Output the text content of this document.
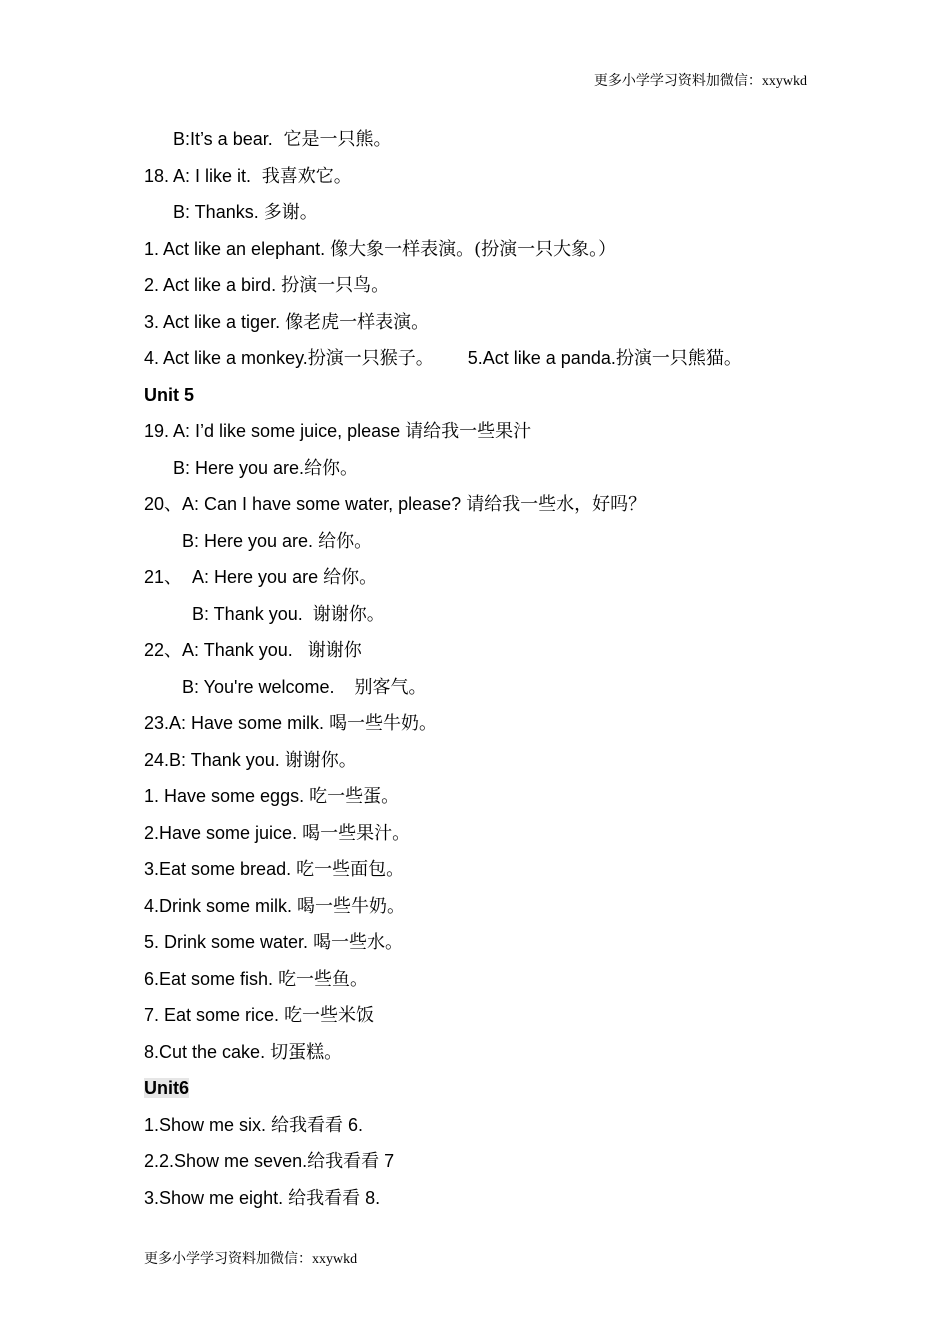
更多小学学习资料加微信：xxywkd
B:It’s a bear.  它是一只熊。
18. A: I like it.  我喜欢它。
B: Thanks. 多谢。
1. Act like an elephant. 像大象一样表演。(扮演一只大象。）
2. Act like a bird. 扮演一只鸟。
3. Act like a tiger. 像老虎一样表演。
4. Act like a monkey.扮演一只猴子。 5.Act like a panda.扮演一只熊猫。
Unit 5
19. A: I’d like some juice, please 请给我一些果汁
B: Here you are.给你。
20、A: Can I have some water, please? 请给我一些水，好吗？
B: Here you are. 给你。
21、  A: Here you are 给你。
B: Thank you.  谢谢你。
22、A: Thank you.   谢谢你
B: You're welcome.    别客气。
23.A: Have some milk. 喝一些牛奶。
24.B: Thank you. 谢谢你。
1. Have some eggs. 吃一些蛋。
2.Have some juice. 喝一些果汁。
3.Eat some bread. 吃一些面包。
4.Drink some milk. 喝一些牛奶。
5. Drink some water. 喝一些水。
6.Eat some fish. 吃一些鱼。
7. Eat some rice. 吃一些米饭
8.Cut the cake. 切蛋糕。
Unit6
1.Show me six. 给我看看 6.
2.2.Show me seven.给我看看 7
3.Show me eight. 给我看看 8.
更多小学学习资料加微信：xxywkd
